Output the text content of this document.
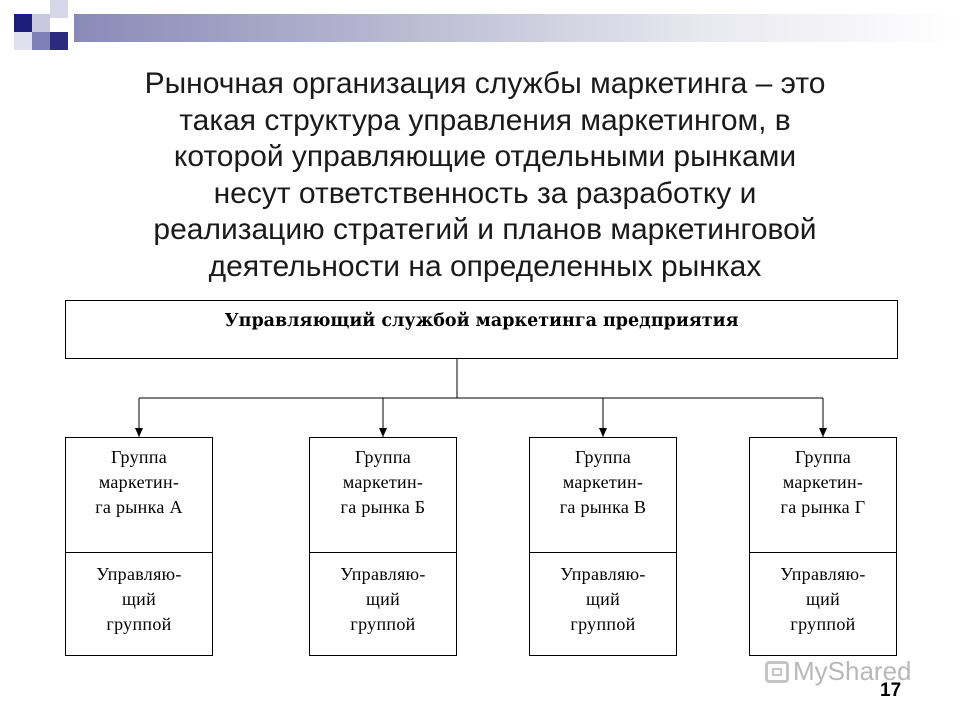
Рыночная организация службы маркетинга – это
такая структура управления маркетингом, в
которой управляющие отдельными рынками
несут ответственность за разработку и
реализацию стратегий и планов маркетинговой
деятельности на определенных рынках
Управляющий службой маркетинга предприятия
Группа
маркетин-
га рынка А
Управляю-
щий
группой
Группа
маркетин-
га рынка Б
Управляю-
щий
группой
Группа
маркетин-
га рынка В
Управляю-
щий
группой
Группа
маркетин-
га рынка Г
Управляю-
щий
группой
MyShared
17
